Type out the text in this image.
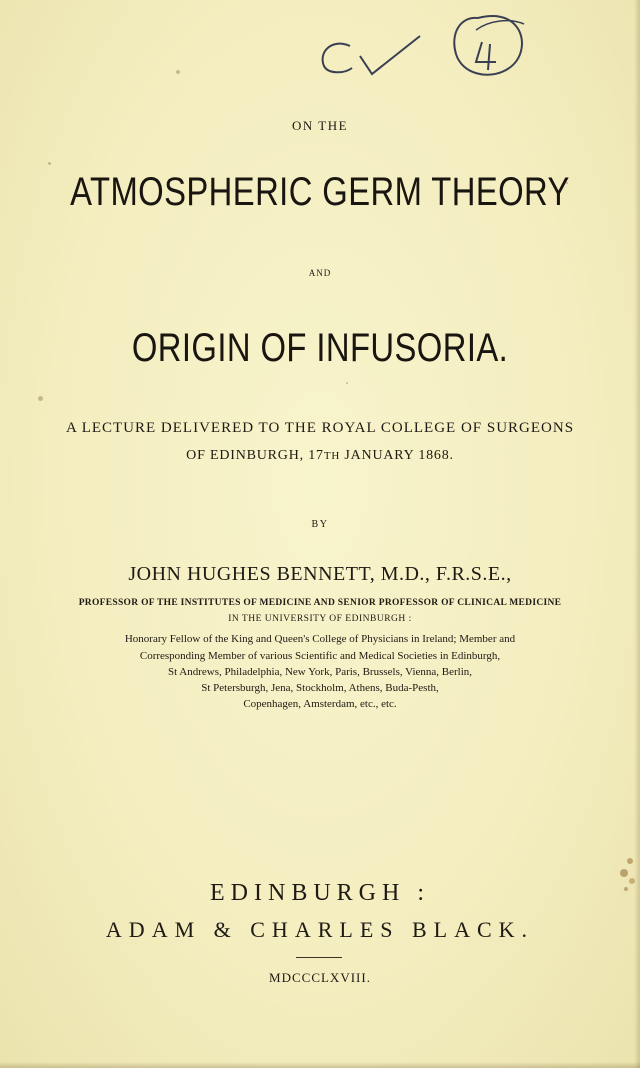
ON THE
ATMOSPHERIC GERM THEORY
AND
ORIGIN OF INFUSORIA.
A LECTURE DELIVERED TO THE ROYAL COLLEGE OF SURGEONS
OF EDINBURGH, 17TH JANUARY 1868.
BY
JOHN HUGHES BENNETT, M.D., F.R.S.E.,
PROFESSOR OF THE INSTITUTES OF MEDICINE AND SENIOR PROFESSOR OF CLINICAL MEDICINE
IN THE UNIVERSITY OF EDINBURGH :
Honorary Fellow of the King and Queen's College of Physicians in Ireland; Member and
Corresponding Member of various Scientific and Medical Societies in Edinburgh,
St Andrews, Philadelphia, New York, Paris, Brussels, Vienna, Berlin,
St Petersburgh, Jena, Stockholm, Athens, Buda-Pesth,
Copenhagen, Amsterdam, etc., etc.
EDINBURGH :
ADAM & CHARLES BLACK.
MDCCCLXVIII.
